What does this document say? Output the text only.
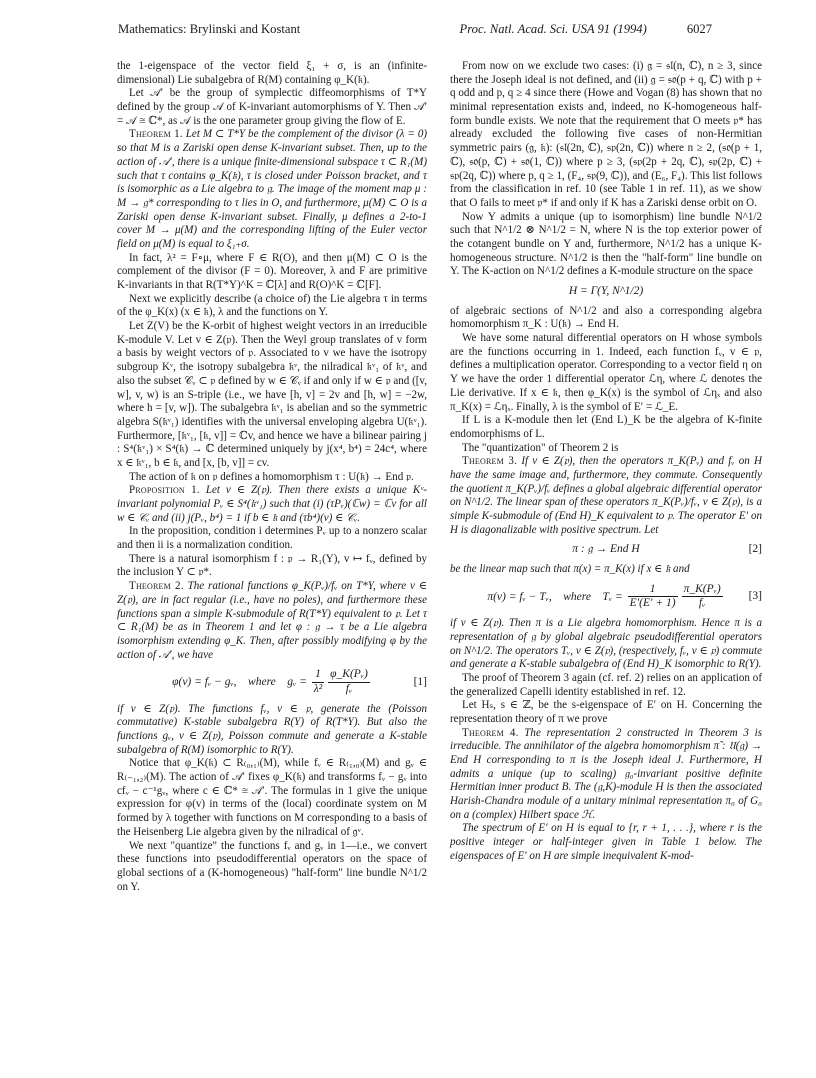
Mathematics: Brylinski and Kostant	Proc. Natl. Acad. Sci. USA 91 (1994)	6027

the 1-eigenspace of the vector field ξ₁ + σ, is an (infinite-dimensional) Lie subalgebra of R(M) containing φ_K(𝔨).

Let 𝒜′ be the group of symplectic diffeomorphisms of T*Y defined by the group 𝒜 of K-invariant automorphisms of Y. Then 𝒜′ = 𝒜 ≅ ℂ*, as 𝒜 is the one parameter group giving the flow of E.

Theorem 1. Let M ⊂ T*Y be the complement of the divisor (λ = 0) so that M is a Zariski open dense K-invariant subset. Then, up to the action of 𝒜′, there is a unique finite-dimensional subspace τ ⊂ R₁(M) such that τ contains φ_K(𝔨), τ is closed under Poisson bracket, and τ is isomorphic as a Lie algebra to 𝔤. The image of the moment map μ : M → 𝔤* corresponding to τ lies in O, and furthermore, μ(M) ⊂ O is a Zariski open dense K-invariant subset. Finally, μ defines a 2-to-1 cover M → μ(M) and the corresponding lifting of the Euler vector field on μ(M) is equal to ξ₁₊σ.

In fact, λ² = F∘μ, where F ∈ R(O), and then μ(M) ⊂ O is the complement of the divisor (F = 0). Moreover, λ and F are primitive K-invariants in that R(T*Y)^K = ℂ[λ] and R(O)^K = ℂ[F].

Next we explicitly describe (a choice of) the Lie algebra τ in terms of the φ_K(x) (x ∈ 𝔨), λ and the functions on Y.

Let Z(V) be the K-orbit of highest weight vectors in an irreducible K-module V. Let v ∈ Z(𝔭). Then the Weyl group translates of v form a basis by weight vectors of 𝔭. Associated to v we have the isotropy subgroup Kᵛ, the isotropy subalgebra 𝔨ᵛ, the nilradical 𝔨ᵛ₁ of 𝔨ᵛ, and also the subset 𝒞ᵥ ⊂ 𝔭 defined by w ∈ 𝒞ᵥ if and only if w ∈ 𝔭 and ([v, w], v, w) is an S-triple (i.e., we have [h, v] = 2v and [h, w] = −2w, where h = [v, w]). The subalgebra 𝔨ᵛ₁ is abelian and so the symmetric algebra S(𝔨ᵛ₁) identifies with the universal enveloping algebra U(𝔨ᵛ₁). Furthermore, [𝔨ᵛ₁, [𝔨, v]] = ℂv, and hence we have a bilinear pairing j : S⁴(𝔨ᵛ₁) × S⁴(𝔨) → ℂ determined uniquely by j(x⁴, b⁴) = 24c⁴, where x ∈ 𝔨ᵛ₁, b ∈ 𝔨, and [x, [b, v]] = cv.

The action of 𝔨 on 𝔭 defines a homomorphism τ : U(𝔨) → End 𝔭.

Proposition 1. Let v ∈ Z(𝔭). Then there exists a unique Kᵛ-invariant polynomial Pᵥ ∈ S⁴(𝔨ᵛ₁) such that (i) (τPᵥ)(ℂw) = ℂv for all w ∈ 𝒞ᵥ and (ii) j(Pᵥ, b⁴) = 1 if b ∈ 𝔨 and (τb⁴)(v) ∈ 𝒞ᵥ.

In the proposition, condition i determines Pᵥ up to a nonzero scalar and then ii is a normalization condition.

There is a natural isomorphism f : 𝔭 → R₁(Y), v ↦ fᵥ, defined by the inclusion Y ⊂ 𝔭*.

Theorem 2. The rational functions φ_K(Pᵥ)/fᵥ on T*Y, where v ∈ Z(𝔭), are in fact regular (i.e., have no poles), and furthermore these functions span a simple K-submodule of R(T*Y) equivalent to 𝔭. Let τ ⊂ R₁(M) be as in Theorem 1 and let φ : 𝔤 → τ be a Lie algebra isomorphism extending φ_K. Then, after possibly modifying φ by the action of 𝒜′, we have

φ(v) = fᵥ − gᵥ,  where  gᵥ = $\frac{1}{\text{λ²}} \frac{\text{φ\_K(Pᵥ)}}{\text{fᵥ}}$	[1]

if v ∈ Z(𝔭). The functions fᵥ, v ∈ 𝔭, generate the (Poisson commutative) K-stable subalgebra R(Y) of R(T*Y). But also the functions gᵥ, v ∈ Z(𝔭), Poisson commute and generate a K-stable subalgebra of R(M) isomorphic to R(Y).

Notice that φ_K(𝔨) ⊂ R₍₀,₁₎(M), while fᵥ ∈ R₍₁,₀₎(M) and gᵥ ∈ R₍₋₁,₂₎(M). The action of 𝒜′ fixes φ_K(𝔨) and transforms fᵥ − gᵥ into cfᵥ − c⁻¹gᵥ, where c ∈ ℂ* ≅ 𝒜′. The formulas in 1 give the unique expression for φ(v) in terms of the (local) coordinate system on M formed by λ together with functions on M corresponding to a basis of the Heisenberg Lie algebra given by the nilradical of 𝔤ᵛ.

We next "quantize" the functions fᵥ and gᵥ in 1—i.e., we convert these functions into pseudodifferential operators on the space of global sections of a (K-homogeneous) "half-form" line bundle N^1/2 on Y.

From now on we exclude two cases: (i) 𝔤 = 𝔰𝔩(n, ℂ), n ≥ 3, since there the Joseph ideal is not defined, and (ii) 𝔤 = 𝔰𝔬(p + q, ℂ) with p + q odd and p, q ≥ 4 since there (Howe and Vogan (8) has shown that no minimal representation exists and, indeed, no K-homogeneous half-form bundle exists. We note that the requirement that O meets 𝔭* has already excluded the following five cases of non-Hermitian symmetric pairs (𝔤, 𝔨): (𝔰𝔩(2n, ℂ), 𝔰𝔭(2n, ℂ)) where n ≥ 2, (𝔰𝔬(p + 1, ℂ), 𝔰𝔬(p, ℂ) + 𝔰𝔬(1, ℂ)) where p ≥ 3, (𝔰𝔭(2p + 2q, ℂ), 𝔰𝔭(2p, ℂ) + 𝔰𝔭(2q, ℂ)) where p, q ≥ 1, (F₄, 𝔰𝔭(9, ℂ)), and (E₆, F₄). This list follows from the classification in ref. 10 (see Table 1 in ref. 11), as we show that O fails to meet 𝔭* if and only if K has a Zariski dense orbit on O.

Now Y admits a unique (up to isomorphism) line bundle N^1/2 such that N^1/2 ⊗ N^1/2 = N, where N is the top exterior power of the cotangent bundle on Y and, furthermore, N^1/2 has a unique K-homogeneous structure. N^1/2 is then the "half-form" line bundle on Y. The K-action on N^1/2 defines a K-module structure on the space

H = Γ(Y, N^1/2)

of algebraic sections of N^1/2 and also a corresponding algebra homomorphism π_K : U(𝔨) → End H.

We have some natural differential operators on H whose symbols are the functions occurring in 1. Indeed, each function fᵥ, v ∈ 𝔭, defines a multiplication operator. Corresponding to a vector field η on Y we have the order 1 differential operator ℒη, where ℒ denotes the Lie derivative. If x ∈ 𝔨, then φ_K(x) is the symbol of ℒηₓ and also π_K(x) = ℒηₓ. Finally, λ is the symbol of E′ = ℒ_E.

If L is a K-module then let (End L)_K be the algebra of K-finite endomorphisms of L.

The "quantization" of Theorem 2 is

Theorem 3. If v ∈ Z(𝔭), then the operators π_K(Pᵥ) and fᵥ on H have the same image and, furthermore, they commute. Consequently the quotient π_K(Pᵥ)/fᵥ defines a global algebraic differential operator on N^1/2. The linear span of these operators π_K(Pᵥ)/fᵥ, v ∈ Z(𝔭), is a simple K-submodule of (End H)_K equivalent to 𝔭. The operator E′ on H is diagonalizable with positive spectrum. Let

π : 𝔤 → End H	[2]

be the linear map such that π(x) = π_K(x) if x ∈ 𝔨 and

π(v) = fᵥ − Tᵥ,  where  Tᵥ = $\frac{1}{E'(E' + 1)} \frac{\text{π\_K(Pᵥ)}}{\text{fᵥ}}$	[3]

if v ∈ Z(𝔭). Then π is a Lie algebra homomorphism. Hence π is a representation of 𝔤 by global algebraic pseudodifferential operators on N^1/2. The operators Tᵥ, v ∈ Z(𝔭), (respectively, fᵥ, v ∈ 𝔭) commute and generate a K-stable subalgebra of (End H)_K isomorphic to R(Y).

The proof of Theorem 3 again (cf. ref. 2) relies on an application of the generalized Capelli identity established in ref. 12.

Let Hₛ, s ∈ ℤ, be the s-eigenspace of E′ on H. Concerning the representation theory of π we prove

Theorem 4. The representation 2 constructed in Theorem 3 is irreducible. The annihilator of the algebra homomorphism π̃ : 𝔘(𝔤) → End H corresponding to π is the Joseph ideal J. Furthermore, H admits a unique (up to scaling) 𝔤₀-invariant positive definite Hermitian inner product B. The (𝔤,K)-module H is then the associated Harish-Chandra module of a unitary minimal representation π₀ of G₀ on a (complex) Hilbert space ℋ.

The spectrum of E′ on H is equal to {r, r + 1, . . .}, where r is the positive integer or half-integer given in Table 1 below. The eigenspaces of E′ on H are simple inequivalent K-mod-
